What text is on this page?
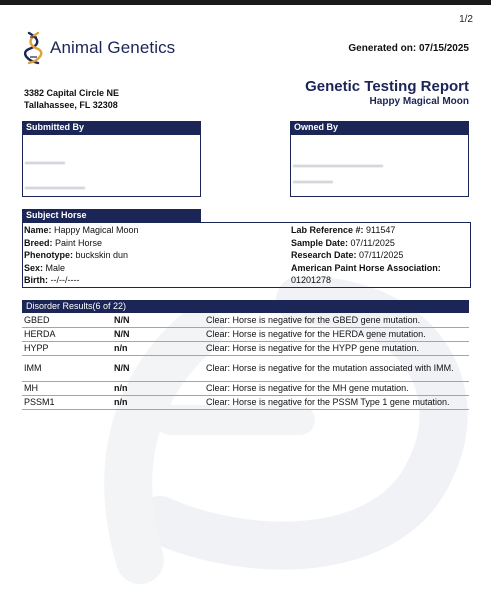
1/2
Animal Genetics	Generated on: 07/15/2025
3382 Capital Circle NE
Tallahassee, FL 32308
Genetic Testing Report
Happy Magical Moon
Submitted By	Owned By
Subject Horse
Name: Happy Magical Moon
Breed: Paint Horse
Phenotype: buckskin dun
Sex: Male
Birth: --/--/----
Lab Reference #: 911547
Sample Date: 07/11/2025
Research Date: 07/11/2025
American Paint Horse Association:
01201278
Disorder Results(6 of 22)
GBED	N/N	Clear: Horse is negative for the GBED gene mutation.
HERDA	N/N	Clear: Horse is negative for the HERDA gene mutation.
HYPP	n/n	Clear: Horse is negative for the HYPP gene mutation.
IMM	N/N	Clear: Horse is negative for the mutation associated with IMM.
MH	n/n	Clear: Horse is negative for the MH gene mutation.
PSSM1	n/n	Clear: Horse is negative for the PSSM Type 1 gene mutation.
